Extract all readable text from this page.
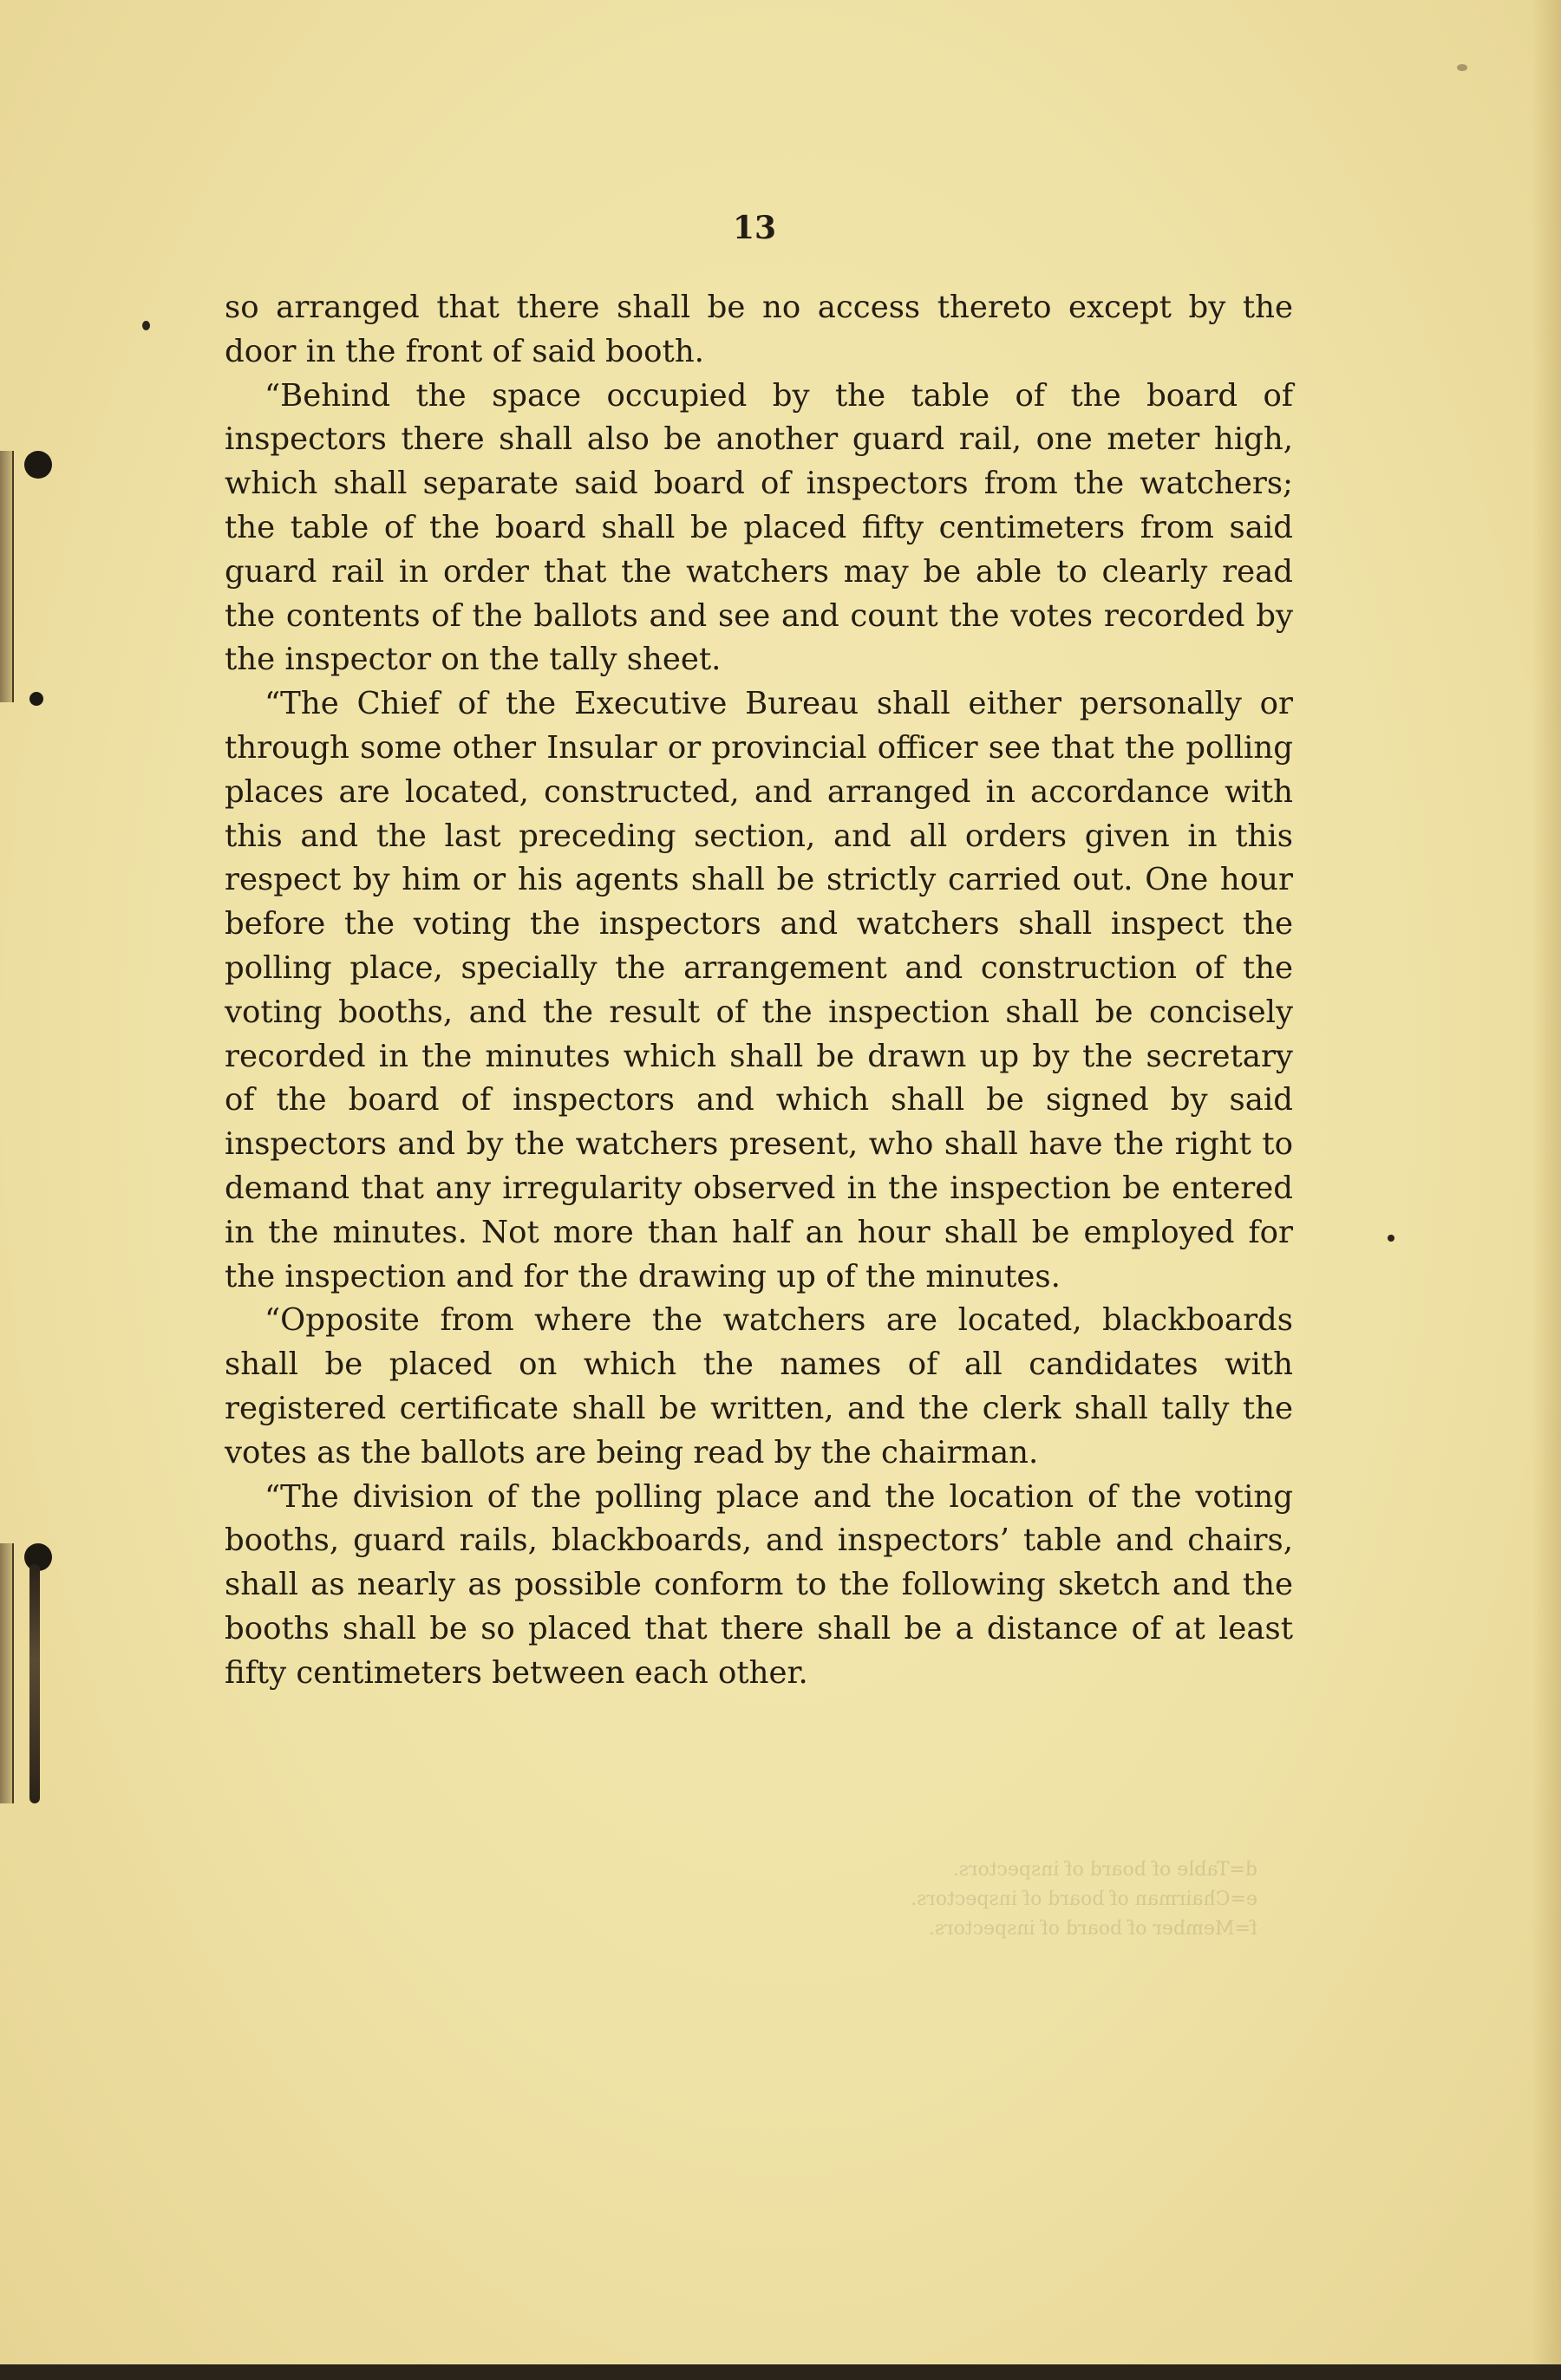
d=Table of board of inspectors.
e=Chairman of board of inspectors.
f=Member of board of inspectors.
13

so arranged that there shall be no access thereto except by the door in the front of said booth.

“Behind the space occupied by the table of the board of inspectors there shall also be another guard rail, one meter high, which shall separate said board of inspectors from the watchers; the table of the board shall be placed fifty centimeters from said guard rail in order that the watchers may be able to clearly read the contents of the ballots and see and count the votes recorded by the inspector on the tally sheet.

“The Chief of the Executive Bureau shall either personally or through some other Insular or provincial officer see that the polling places are located, constructed, and arranged in accordance with this and the last preceding section, and all orders given in this respect by him or his agents shall be strictly carried out. One hour before the voting the inspectors and watchers shall inspect the polling place, specially the arrangement and construction of the voting booths, and the result of the inspection shall be concisely recorded in the minutes which shall be drawn up by the secretary of the board of inspectors and which shall be signed by said inspectors and by the watchers present, who shall have the right to demand that any irregularity observed in the inspection be entered in the minutes. Not more than half an hour shall be employed for the inspection and for the drawing up of the minutes.

“Opposite from where the watchers are located, blackboards shall be placed on which the names of all candidates with registered certificate shall be written, and the clerk shall tally the votes as the ballots are being read by the chairman.

“The division of the polling place and the location of the voting booths, guard rails, blackboards, and inspectors’ table and chairs, shall as nearly as possible conform to the following sketch and the booths shall be so placed that there shall be a distance of at least fifty centimeters between each other.
